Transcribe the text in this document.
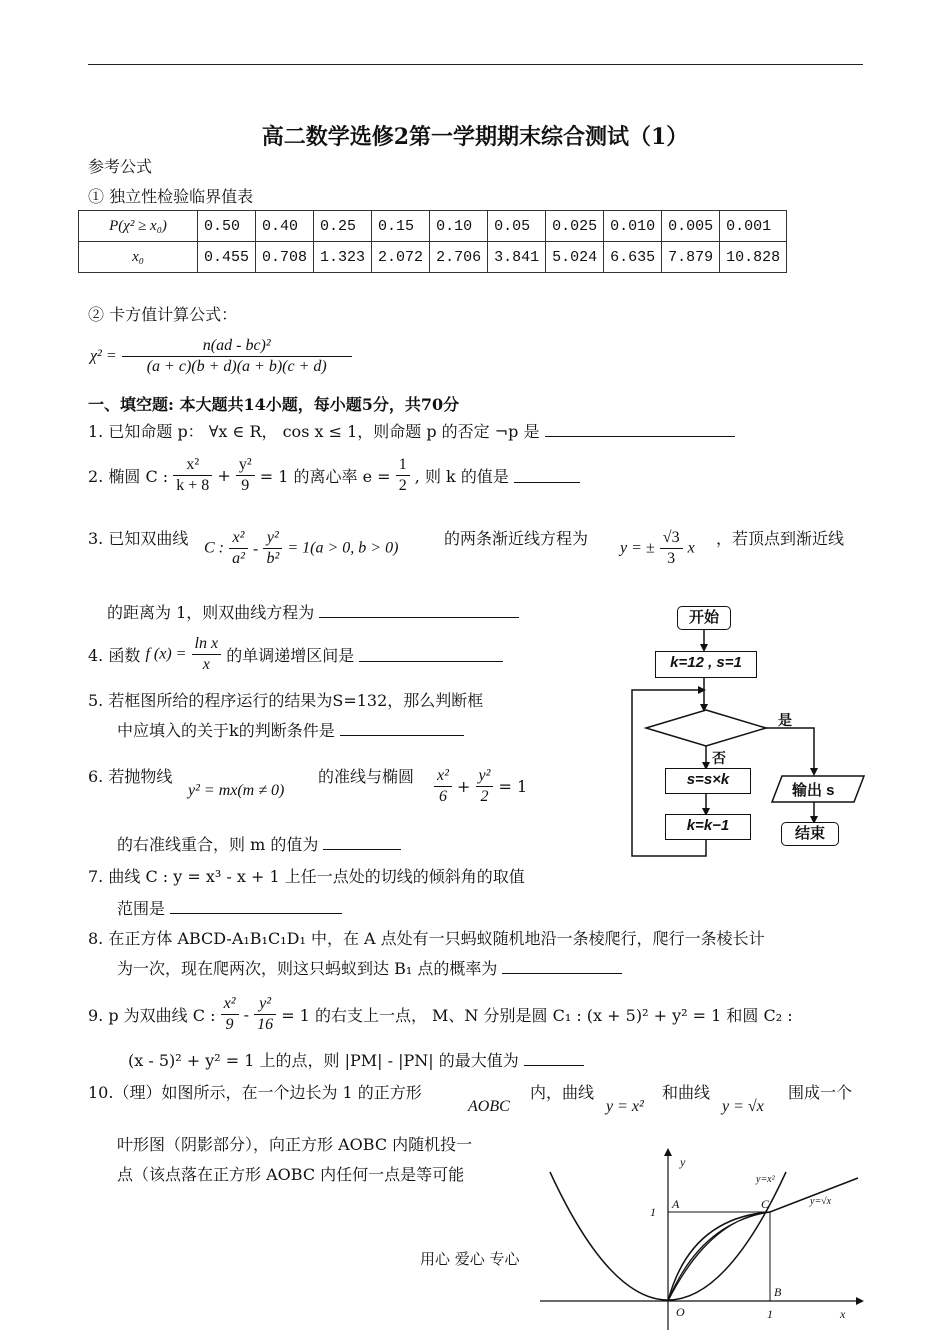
高二数学选修2第一学期期末综合测试（1）
参考公式
① 独立性检验临界值表
P(χ² ≥ x₀)	0.50	0.40	0.25	0.15	0.10	0.05	0.025	0.010	0.005	0.001
x₀	0.455	0.708	1.323	2.072	2.706	3.841	5.024	6.635	7.879	10.828
② 卡方值计算公式：
$\chi^2 = \frac{\text{n(ad - bc)²}}{(a + c)(b + d)(a + b)(c + d)}$
一、填空题: 本大题共14小题，每小题5分，共70分
1. 已知命题 p： ∀x ∈ R， cos x ≤ 1，则命题 p 的否定 ¬p 是
2. 椭圆 C : $\frac{\text{x²}}{k + 8} + \frac{\text{y²}}{9} = 1$ 的离心率 $e = \frac{1}{2}$ , 则 k 的值是
3. 已知双曲线 C : $\frac{\text{x²}}{\text{a²}} - \frac{\text{y²}}{\text{b²}} = 1(a > 0$, b > 0)	的两条渐近线方程为 y = ± $\frac{√3}{3}$ x ，若顶点到渐近线
的距离为 1，则双曲线方程为
4. 函数 f $(x) = \frac{\text{ln x}}{x}$ 的单调递增区间是
5. 若框图所给的程序运行的结果为S=132，那么判断框
中应填入的关于k的判断条件是
6. 若抛物线
y² = mx(m ≠ 0)
的准线与椭圆 $\frac{\text{x²}}{6} + \frac{\text{y²}}{2} = 1$
的右准线重合，则 m 的值为
7. 曲线 C : y = x³ - x + 1 上任一点处的切线的倾斜角的取值
范围是
8. 在正方体 ABCD-A₁B₁C₁D₁ 中，在 A 点处有一只蚂蚁随机地沿一条棱爬行，爬行一条棱长计
为一次，现在爬两次，则这只蚂蚁到达 B₁ 点的概率为
9. p 为双曲线 C : $\frac{\text{x²}}{9} - \frac{\text{y²}}{16} = 1$ 的右支上一点， M、N 分别是圆 C₁ : (x + 5)² + y² = 1 和圆 C₂ :
(x - 5)² + y² = 1 上的点，则 |PM| - |PN| 的最大值为
10.（理）如图所示，在一个边长为 1 的正方形
AOBC
内，曲线
y = x²
和曲线
y = √x
围成一个
叶形图（阴影部分），向正方形 AOBC 内随机投一
点（该点落在正方形 AOBC 内任何一点是等可能
开始
k=12 , s=1
是
否
s=s×k
k=k−1
输出 s
结束
y
x
1
1
A
B
C
O
y=x²
y=√x
用心 爱心 专心
